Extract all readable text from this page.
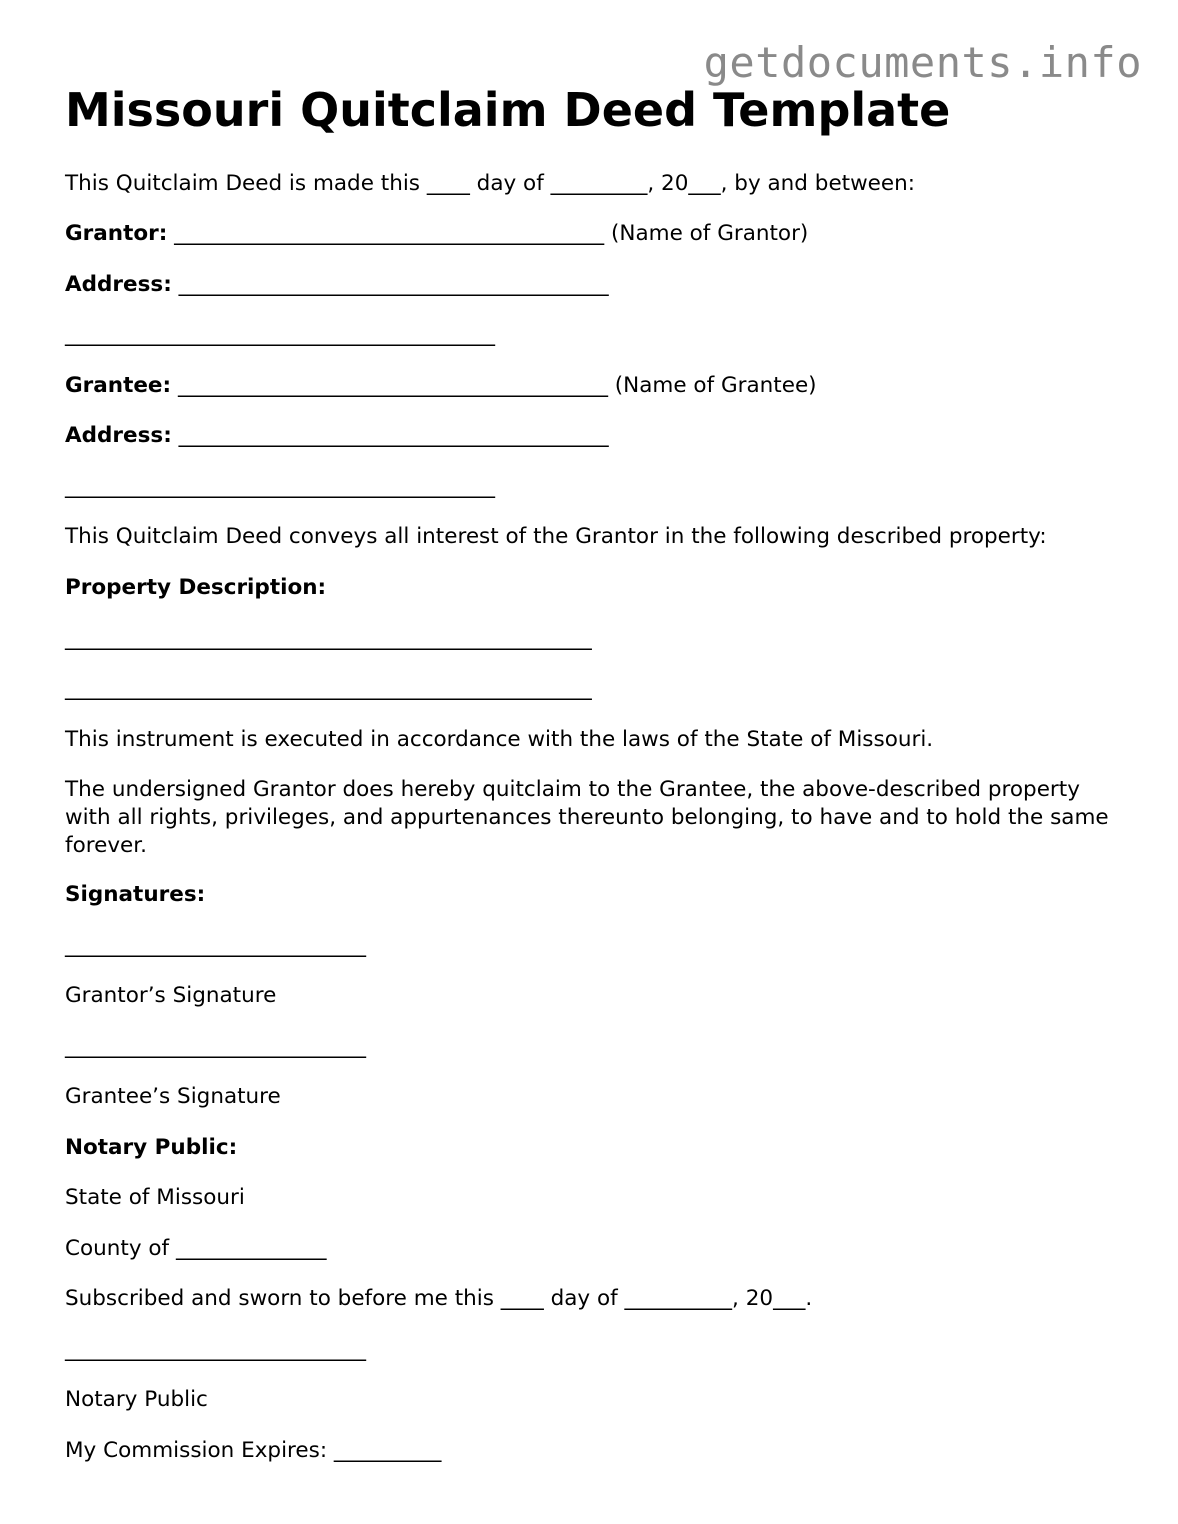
getdocuments.info
Missouri Quitclaim Deed Template
This Quitclaim Deed is made this ____ day of _________, 20___, by and between:
Grantor: ________________________________________ (Name of Grantor)
Address: ________________________________________
________________________________________
Grantee: ________________________________________ (Name of Grantee)
Address: ________________________________________
________________________________________
This Quitclaim Deed conveys all interest of the Grantor in the following described property:
Property Description:
_________________________________________________
_________________________________________________
This instrument is executed in accordance with the laws of the State of Missouri.
The undersigned Grantor does hereby quitclaim to the Grantee, the above-described property with all rights, privileges, and appurtenances thereunto belonging, to have and to hold the same forever.
Signatures:
____________________________
Grantor’s Signature
____________________________
Grantee’s Signature
Notary Public:
State of Missouri
County of ______________
Subscribed and sworn to before me this ____ day of __________, 20___.
____________________________
Notary Public
My Commission Expires: __________
